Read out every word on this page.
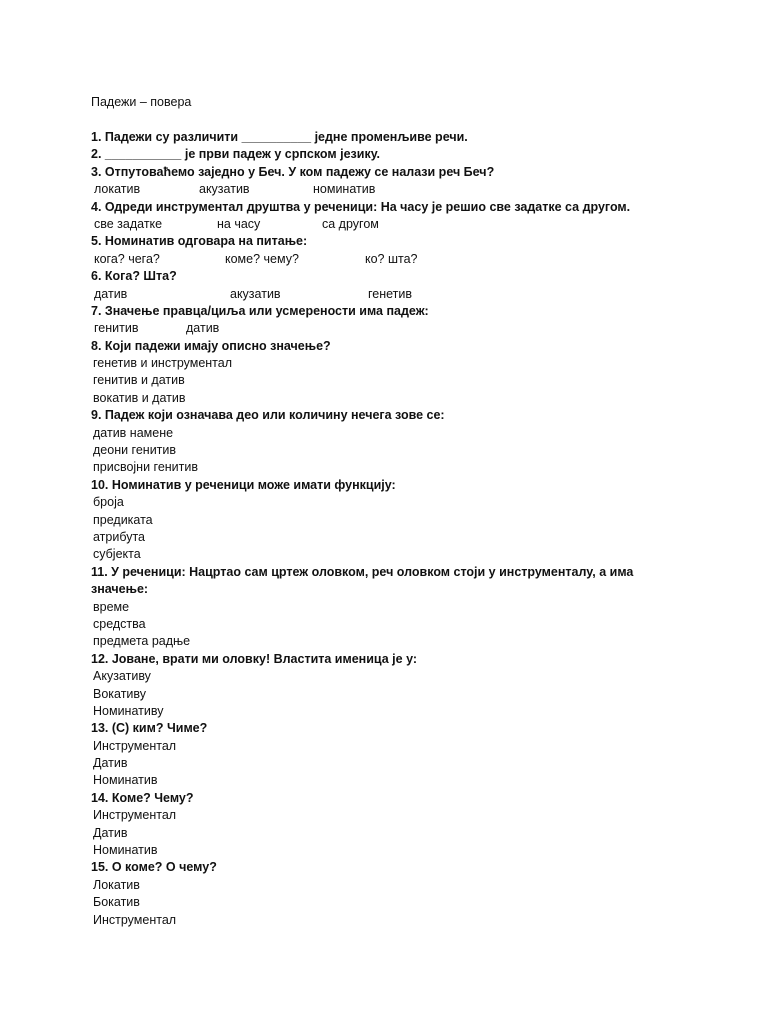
Падежи – повера
1. Падежи су различити __________ једне променљиве речи.
2. ___________ је први падеж у српском језику.
3. Отпутоваћемо заједно у Беч. У ком падежу се налази реч Беч?
локатив	акузатив	номинатив
4. Одреди инструментал друштва у реченици: На часу је решио све задатке са другом.
све задатке	на часу	са другом
5. Номинатив одговара на питање:
кога? чега?	коме? чему?	ко? шта?
6. Кога? Шта?
датив	акузатив	генетив
7. Значење правца/циља или усмерености има падеж:
генитив	датив
8. Који падежи имају описно значење?
генетив и инструментал
генитив и датив
вокатив и датив
9. Падеж који означава део или количину нечега зове се:
датив намене
деони генитив
присвојни генитив
10. Номинатив у реченици може имати функцију:
броја
предиката
атрибута
субјекта
11. У реченици: Нацртао сам цртеж оловком, реч оловком стоји у инструменталу, а има значење:
време
средства
предмета радње
12. Јоване, врати ми оловку! Властита именица је у:
Акузативу
Вокативу
Номинативу
13. (С) ким? Чиме?
Инструментал
Датив
Номинатив
14. Коме? Чему?
Инструментал
Датив
Номинатив
15. О коме? О чему?
Локатив
Бокатив
Инструментал
